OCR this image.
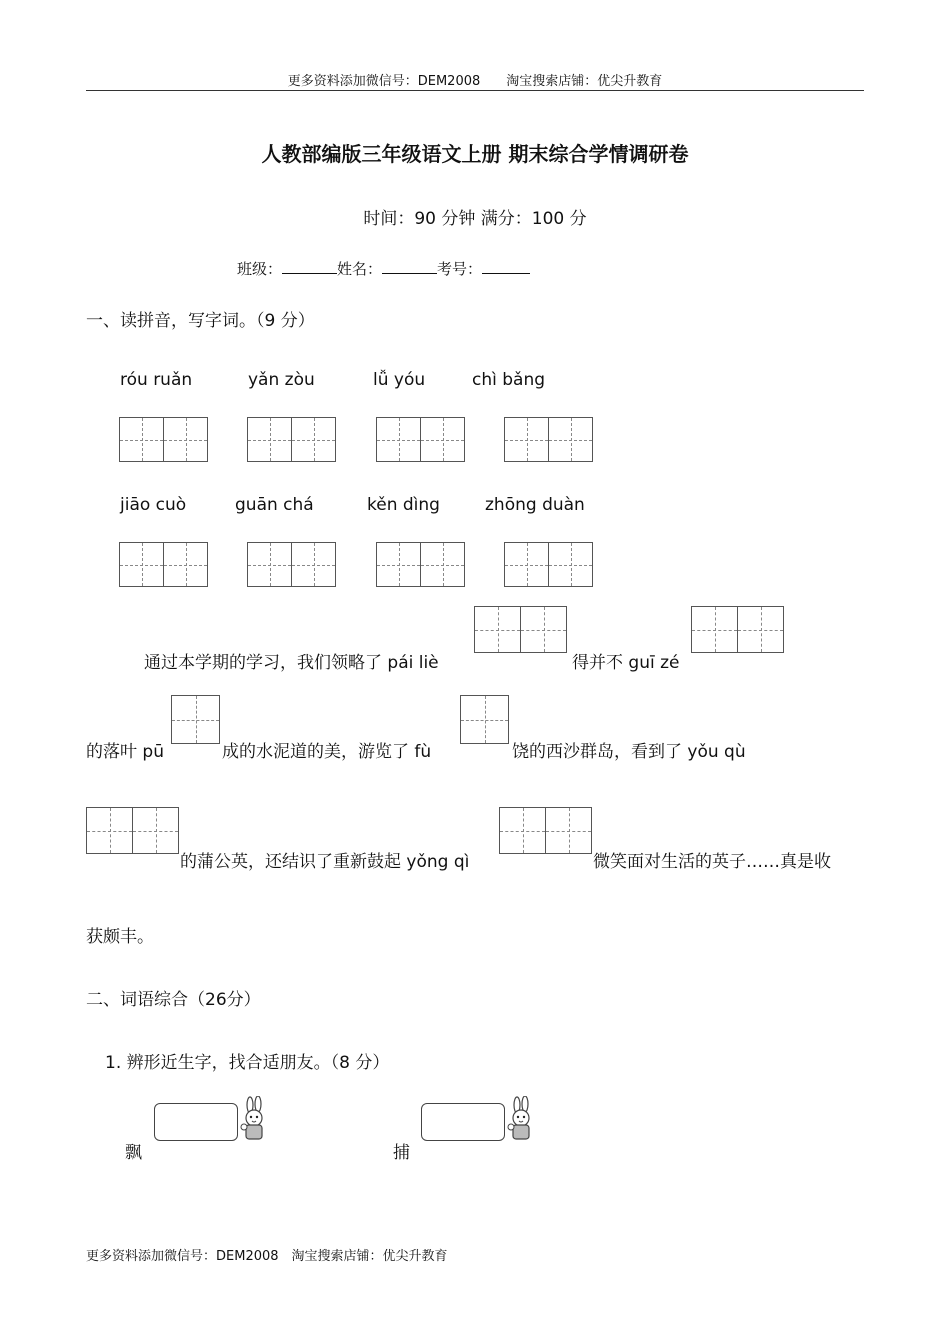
更多资料添加微信号：DEM2008　　淘宝搜索店铺：优尖升教育
人教部编版三年级语文上册 期末综合学情调研卷
时间：90 分钟 满分：100 分
班级：	姓名：	考号：
一、读拼音，写字词。（9 分）
róu ruǎn	yǎn zòu	lǚ yóu	chì bǎng
jiāo cuò	guān chá	kěn dìng	zhōng duàn
通过本学期的学习，我们领略了 pái liè	得并不 guī zé
的落叶 pū	成的水泥道的美，游览了 fù	饶的西沙群岛，看到了 yǒu qù
的蒲公英，还结识了重新鼓起 yǒng qì	微笑面对生活的英子……真是收
获颇丰。
二、词语综合（26分）
1. 辨形近生字，找合适朋友。（8 分）
飘	捕
更多资料添加微信号：DEM2008　淘宝搜索店铺：优尖升教育
